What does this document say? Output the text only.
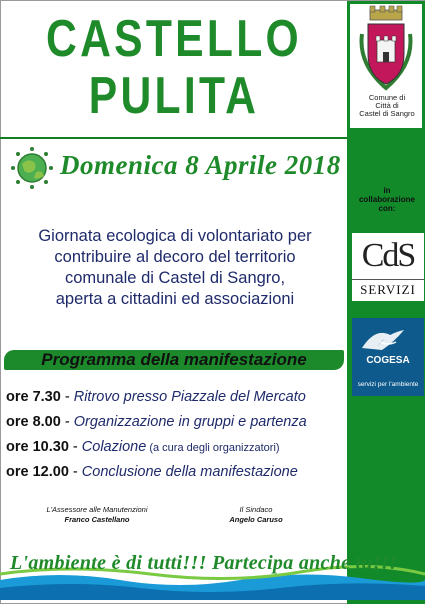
Comune di
Città di
Castel di Sangro
in
collaborazione
con:
CdS
SERVIZI
COGESA
servizi per l'ambiente
CASTELLO
PULITA
Domenica 8 Aprile 2018
Giornata ecologica di volontariato per
contribuire al decoro del territorio
comunale di Castel di Sangro,
aperta a cittadini ed associazioni
Programma della manifestazione
ore 7.30 - Ritrovo presso Piazzale del Mercato
ore 8.00 - Organizzazione in gruppi e partenza
ore 10.30 - Colazione (a cura degli organizzatori)
ore 12.00 - Conclusione della manifestazione
L'Assessore alle Manutenzioni
Franco Castellano
Il Sindaco
Angelo Caruso
L'ambiente è di tutti!!! Partecipa anche tu!!!
